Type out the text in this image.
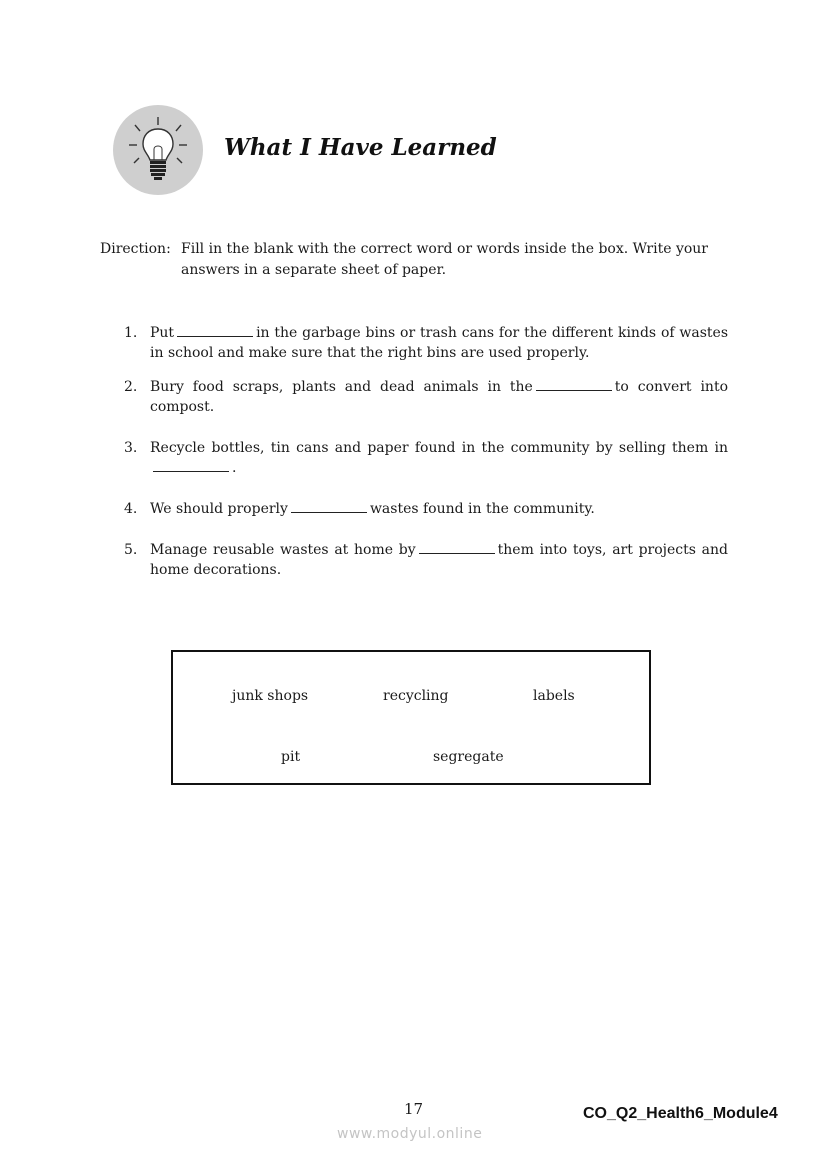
What I Have Learned
Direction: Fill in the blank with the correct word or words inside the box. Write your
answers in a separate sheet of paper.
1. Put	in the garbage bins or trash cans for the different kinds of wastes in school and make sure that the right bins are used properly.
2. Bury food scraps, plants and dead animals in the	to convert into compost.
3. Recycle bottles, tin cans and paper found in the community by selling them in.
4. We should properly	wastes found in the community.
5. Manage reusable wastes at home by	them into toys, art projects and home decorations.
junk shops	recycling	labels
pit	segregate
17	CO_Q2_Health6_Module4
www.modyul.online
